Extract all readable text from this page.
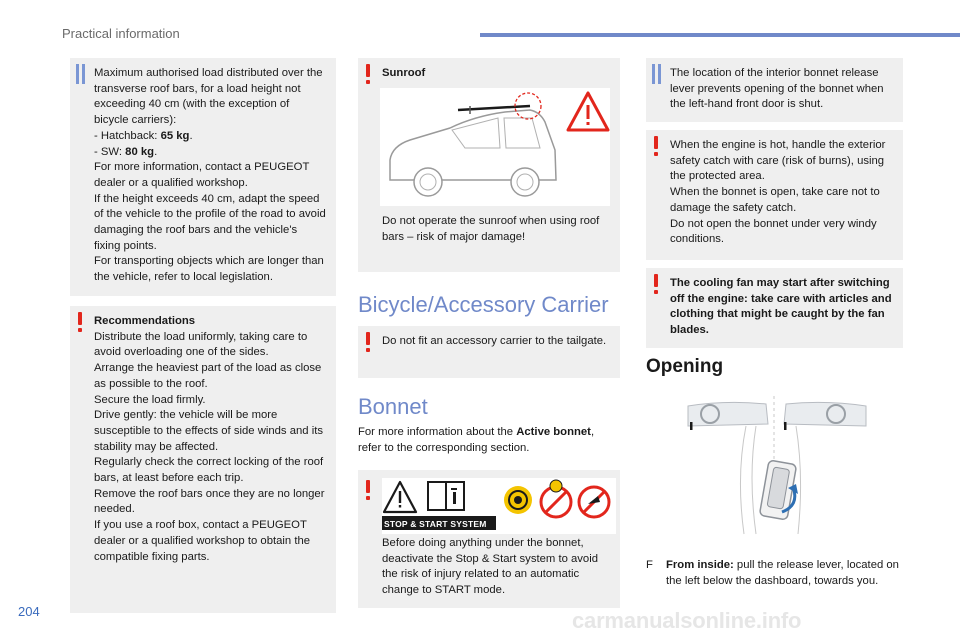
Practical information
204	carmanualsonline.info

Maximum authorised load distributed over the transverse roof bars, for a load height not exceeding 40 cm (with the exception of bicycle carriers):

- Hatchback: 65 kg.

- SW: 80 kg.

For more information, contact a PEUGEOT dealer or a qualified workshop.

If the height exceeds 40 cm, adapt the speed of the vehicle to the profile of the road to avoid damaging the roof bars and the vehicle's fixing points.

For transporting objects which are longer than the vehicle, refer to local legislation.

Recommendations

Distribute the load uniformly, taking care to avoid overloading one of the sides.

Arrange the heaviest part of the load as close as possible to the roof.

Secure the load firmly.

Drive gently: the vehicle will be more susceptible to the effects of side winds and its stability may be affected.

Regularly check the correct locking of the roof bars, at least before each trip.

Remove the roof bars once they are no longer needed.

If you use a roof box, contact a PEUGEOT dealer or a qualified workshop to obtain the compatible fixing parts.

Sunroof

Do not operate the sunroof when using roof bars – risk of major damage!

Bicycle/Accessory Carrier

Do not fit an accessory carrier to the tailgate.

Bonnet

For more information about the Active bonnet, refer to the corresponding section.

STOP & START SYSTEM

Before doing anything under the bonnet, deactivate the Stop & Start system to avoid the risk of injury related to an automatic change to START mode.

The location of the interior bonnet release lever prevents opening of the bonnet when the left-hand front door is shut.

When the engine is hot, handle the exterior safety catch with care (risk of burns), using the protected area.

When the bonnet is open, take care not to damage the safety catch.

Do not open the bonnet under very windy conditions.

The cooling fan may start after switching off the engine: take care with articles and clothing that might be caught by the fan blades.

Opening

F From inside: pull the release lever, located on the left below the dashboard, towards you.
